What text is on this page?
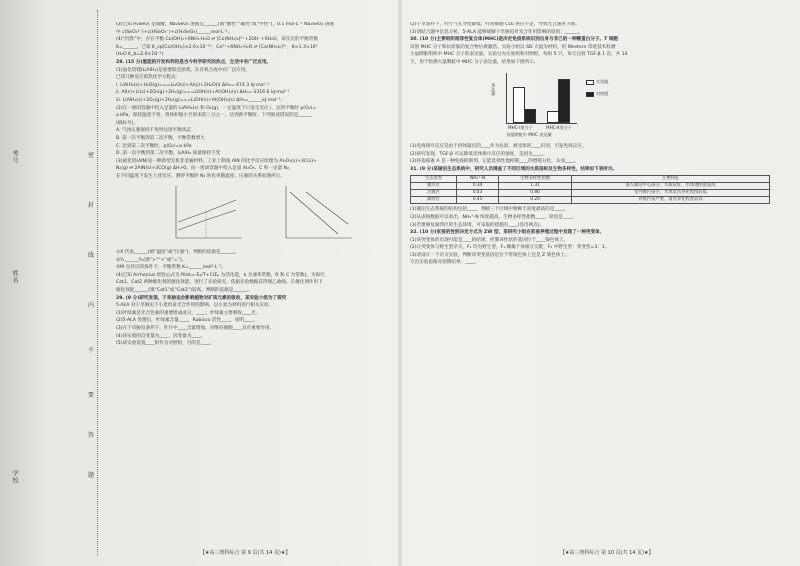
考号
姓名
学校
密
封
线
内
不
要
答
题

(3)已知 H₂SeO₃ 是弱酸，Na₂SeO₃ 溶液呈______(填“酸性”“碱性”或“中性”)，0.1 mol·L⁻¹ Na₂SeO₃ 溶液

中 c(SeO₃²⁻)+c(HSeO₃⁻)+c(H₂SeO₃)______mol·L⁻¹。

(4)“沉铁”中，存在平衡 Co(OH)₂+6NH₃·H₂O ⇌ [Co(NH₃)₆]²⁺+2OH⁻+6H₂O，该反应的平衡常数

K=______。已知 K_sp[Co(OH)₂]≈2.0×10⁻¹⁵，Co²⁺+6NH₃·H₂O ⇌ [Co(NH₃)₆]²⁺，K≈1.3×10⁵

(H₂O K_b=2.0×10⁻⁵)

28. (15 分)氢能的开发和利用是当今科学研究的热点，生活中有广泛应用。

(1)氢化铝锂(LiAlH₄)是重要的还原剂。在有机合成中有广泛应用。

已知几种反应的热化学方程式：

i. LiAlH₄(s)+H₂O(g)===Li₂O(s)+Al(s)+2H₂O(l) ΔH₁=-474.3 kJ·mol⁻¹

ii. Al(s)+Li(s)+2O₂(g)+2H₂(g)===LiOH(s)+Al(OH)₃(s) ΔH₂=-3316.6 kJ·mol⁻¹

iii. LiAlH₄(s)+2O₂(g)+2H₂(g)===LiOH(s)+Al(OH)₃(s) ΔH₃=______kJ·mol⁻¹。

(2)在一密闭容器中投入足量的 LiAlH₄(s) 和 O₂(g)，一定温度下只发生反应 i，达到平衡时 p(O₂)=

a kPa。保持温度不变，将体积缩小至原来的三分之一，达到新平衡时，下列叙述错误的是______

(填标号)。

A. 气体压强保持不变时达到平衡状态

B. 第一次平衡到第二次平衡，平衡常数增大

C. 达到第二次平衡时，p(O₂)=a kPa

D. 第一次平衡到第二次平衡，LiAlH₄ 质量保持不变

(3)氮化铝(AlN)是一种新型无机非金属材料。工业上制备 AlN 的化学反应原理为 Al₂O₃(s)+3C(s)+

N₂(g) ⇌ 2AlN(s)+3CO(g) ΔH>0。向一密闭容器中投入足量 Al₂O₃、C 和一定量 N₂，

在不同温度下发生上述反应。测得平衡时 N₂ 转化率随温度、压强的关系如图所示。

①X 代表______(填“温度”或“压强”)，判断的依据是______。

②Y₁______Y₂(填“>”“<”或“=”)。

③M 点对应的条件下，平衡常数 K=______mol²·L⁻¹。

(4)已知 Arrhenius 经验公式为 Rlnk=-Eₐ/T+C(Eₐ 为活化能，k 为速率常数，R 和 C 为常数)。为探究

Cat1、Cat2 两种催化剂的催化效能，进行了实验探究，依据实验数据获得图乙曲线。在催化剂作用下

催化效能______(填“Cat1”或“Cat2”)较高，判断的依据是______。

29. (9 分)研究发现，干旱胁迫会影响植物对矿质元素的吸收，某实验小组为了探究

5-ALA 对干旱胁迫下小麦幼苗光合作用的影响，以小麦为材料进行相关实验。

(1)叶绿素是光合色素的重要组成成分，____；叶绿素主要吸收____光。

(2)5-ALA 处理后，叶绿素含量____，Rubisco 活性____，说明____。

(3)在干旱胁迫条件下，叶片中____含量增加，对维持细胞____具有重要作用。

(4)该实验的自变量为____，因变量为____。

(5)该实验设置____组作为对照组，目的是____。

【★高三理科综合 第 9 页(共 14 页)★】

(2)干旱条件下，叶片气孔导度降低，叶肉细胞 CO₂ 供应不足，导致光合速率下降。

(3)请结合题中信息分析，5-ALA 能够缓解干旱胁迫对光合作用影响的原因：______。

30. (10 分)主要组织相容性复合体(MHC)是决定免疫系统识别自身与非己的一种糖蛋白分子。T 细胞

识别 MHC 分子和抗原肽的复合物后被激活。实验小组以 SD 大鼠为材料，用 Western 印迹技术检测

小鼠脾脏组织中 MHC 分子的表达量。实验分为实验组和对照组，每组 5 只，每天注射 TGF-β 1 次，共 14

天，用于检测大鼠脾脏中 MHC 分子表达量，结果如下图所示。

表达量
MHC-Ⅰ类分子	MHC-Ⅱ类分子
各组脾脏中 MHC 表达量
实验组
对照组

(1)免疫排斥反应是由于供体器官的____作为抗原，被受体的____识别，引发免疫反应。

(2)研究发现，TGF-β 可以降低受体排斥反应的强度，是因为____。

(3)环孢霉素 A 是一种免疫抑制剂，它能选择性地抑制____的增殖分化，从而____。

31. (9 分)某湖泊生态系统中，研究人员调查了不同区域的水质指标及生物多样性，结果如下表所示。

生态类型	NH₄⁺-N	生物多样性指数	主要特征
敞水区	0.34	1.31	深入湖泊中心部分，水质较好，水体透明度较高
过渡区	0.43	0.86	受外源污染少，水体富营养化程度较低
湖湾区	0.45	0.20	养殖污染严重，富营养化程度较高

(1)湖泊生态系统的结构包括____，判断三个区域中物种丰富度最高的是____。

(2)从表格数据可以看出，NH₄⁺-N 浓度越高，生物多样性指数____，原因是____。

(3)若要修复湖湾区的生态环境，可采取的措施有____(答出两点)。

32. (10 分)家蚕的性别决定方式为 ZW 型，某研究小组在家蚕养殖过程中发现了一种突变体，

(1)该突变体的出现可能是____的结果，控制该性状的基因位于____染色体上。

(2)让突变体与野生型杂交，F₁ 均为野生型，F₁ 雌雄个体相互交配，F₂ 中野生型：突变型=3：1。

(3)请设计一个杂交实验，判断该突变基因是位于常染色体上还是 Z 染色体上。

写出实验思路及预期结果：____。

【★高三理科综合 第 10 页(共 14 页)★】
